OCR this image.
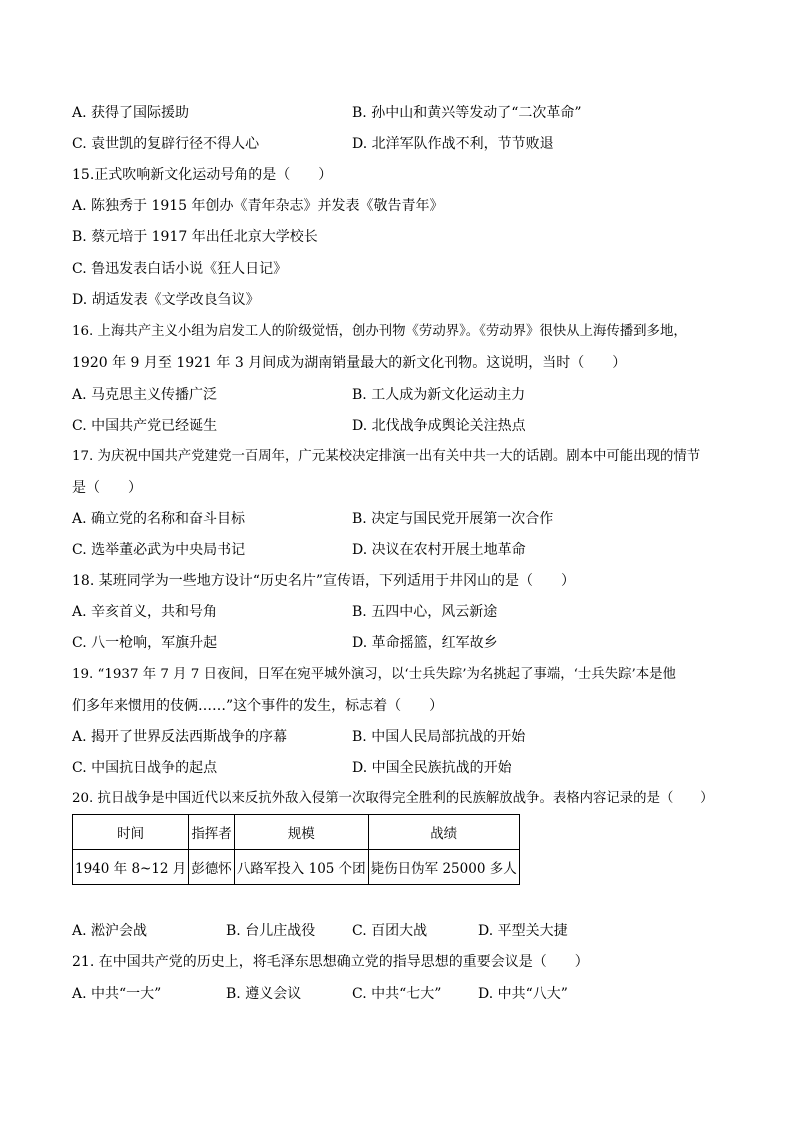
A. 获得了国际援助	B. 孙中山和黄兴等发动了“二次革命”
C. 袁世凯的复辟行径不得人心	D. 北洋军队作战不利，节节败退
15.正式吹响新文化运动号角的是（　　）
A. 陈独秀于 1915 年创办《青年杂志》并发表《敬告青年》
B. 蔡元培于 1917 年出任北京大学校长
C. 鲁迅发表白话小说《狂人日记》
D. 胡适发表《文学改良刍议》
16. 上海共产主义小组为启发工人的阶级觉悟，创办刊物《劳动界》。《劳动界》很快从上海传播到多地，
1920 年 9 月至 1921 年 3 月间成为湖南销量最大的新文化刊物。这说明，当时（　　）
A. 马克思主义传播广泛	B. 工人成为新文化运动主力
C. 中国共产党已经诞生	D. 北伐战争成舆论关注热点
17. 为庆祝中国共产党建党一百周年，广元某校决定排演一出有关中共一大的话剧。剧本中可能出现的情节
是（　　）
A. 确立党的名称和奋斗目标	B. 决定与国民党开展第一次合作
C. 选举董必武为中央局书记	D. 决议在农村开展土地革命
18. 某班同学为一些地方设计“历史名片”宣传语，下列适用于井冈山的是（　　）
A. 辛亥首义，共和号角	B. 五四中心，风云新途
C. 八一枪响，军旗升起	D. 革命摇篮，红军故乡
19. “1937 年 7 月 7 日夜间，日军在宛平城外演习，以‘士兵失踪’为名挑起了事端，‘士兵失踪’本是他
们多年来惯用的伎俩……”这个事件的发生，标志着（　　）
A. 揭开了世界反法西斯战争的序幕	B. 中国人民局部抗战的开始
C. 中国抗日战争的起点	D. 中国全民族抗战的开始
20. 抗日战争是中国近代以来反抗外敌入侵第一次取得完全胜利的民族解放战争。表格内容记录的是（　　）
时间	指挥者	规模	战绩
1940 年 8~12 月	彭德怀	八路军投入 105 个团	毙伤日伪军 25000 多人
A. 淞沪会战	B. 台儿庄战役	C. 百团大战	D. 平型关大捷
21. 在中国共产党的历史上，将毛泽东思想确立党的指导思想的重要会议是（　　）
A. 中共“一大”	B. 遵义会议	C. 中共“七大”	D. 中共“八大”
